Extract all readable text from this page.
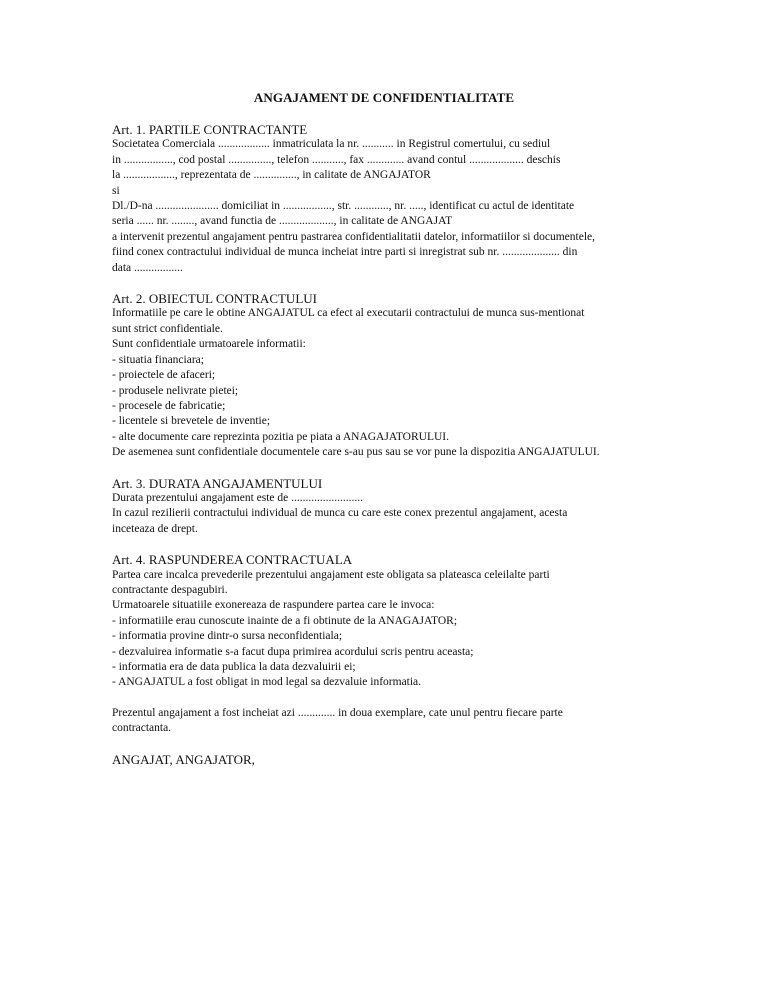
ANGAJAMENT DE CONFIDENTIALITATE
Art. 1. PARTILE CONTRACTANTE
Societatea Comerciala .................. inmatriculata la nr. ........... in Registrul comertului, cu sediul
in ................., cod postal ..............., telefon ..........., fax ............. avand contul ................... deschis
la .................., reprezentata de ..............., in calitate de ANGAJATOR
si
Dl./D-na ...................... domiciliat in ................., str. ............, nr. ....., identificat cu actul de identitate
seria ...... nr. ........, avand functia de ..................., in calitate de ANGAJAT
a intervenit prezentul angajament pentru pastrarea confidentialitatii datelor, informatiilor si documentele,
fiind conex contractului individual de munca incheiat intre parti si inregistrat sub nr. .................... din
data .................
Art. 2. OBIECTUL CONTRACTULUI
Informatiile pe care le obtine ANGAJATUL ca efect al executarii contractului de munca sus-mentionat
sunt strict confidentiale.
Sunt confidentiale urmatoarele informatii:
- situatia financiara;
- proiectele de afaceri;
- produsele nelivrate pietei;
- procesele de fabricatie;
- licentele si brevetele de inventie;
- alte documente care reprezinta pozitia pe piata a ANAGAJATORULUI.
De asemenea sunt confidentiale documentele care s-au pus sau se vor pune la dispozitia ANGAJATULUI.
Art. 3. DURATA ANGAJAMENTULUI
Durata prezentului angajament este de .........................
In cazul rezilierii contractului individual de munca cu care este conex prezentul angajament, acesta
inceteaza de drept.
Art. 4. RASPUNDEREA CONTRACTUALA
Partea care incalca prevederile prezentului angajament este obligata sa plateasca celeilalte parti
contractante despagubiri.
Urmatoarele situatiile exonereaza de raspundere partea care le invoca:
- informatiile erau cunoscute inainte de a fi obtinute de la ANAGAJATOR;
- informatia provine dintr-o sursa neconfidentiala;
- dezvaluirea informatie s-a facut dupa primirea acordului scris pentru aceasta;
- informatia era de data publica la data dezvaluirii ei;
- ANGAJATUL a fost obligat in mod legal sa dezvaluie informatia.
Prezentul angajament a fost incheiat azi ............. in doua exemplare, cate unul pentru fiecare parte
contractanta.
ANGAJAT, ANGAJATOR,
